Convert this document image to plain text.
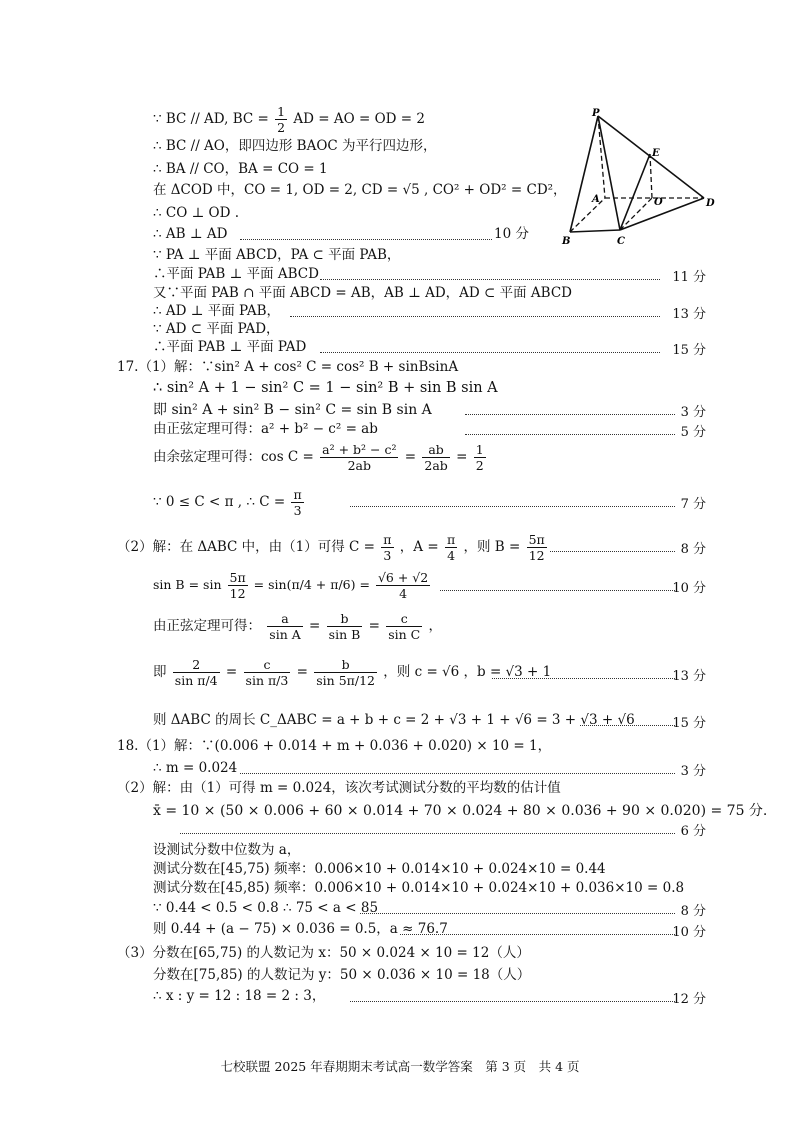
∵ BC // AD, BC = $\frac{1}{2}$ AD = AO = OD = 2
∴ BC // AO，即四边形 BAOC 为平行四边形，
∴ BA // CO，BA = CO = 1
在 ΔCOD 中，CO = 1, OD = 2, CD = √5 , CO² + OD² = CD²，
∴ CO ⊥ OD .
∴ AB ⊥ AD	10 分
∵ PA ⊥ 平面 ABCD，PA ⊂ 平面 PAB，
∴平面 PAB ⊥ 平面 ABCD	11 分
又∵平面 PAB ∩ 平面 ABCD = AB，AB ⊥ AD，AD ⊂ 平面 ABCD
∴ AD ⊥ 平面 PAB，	13 分
∵ AD ⊂ 平面 PAD，
∴平面 PAB ⊥ 平面 PAD	15 分
P
E
A	O	D
B	C
17.（1）解：∵sin² A + cos² C = cos² B + sinBsinA
∴ sin² A + 1 − sin² C = 1 − sin² B + sin B sin A
即 sin² A + sin² B − sin² C = sin B sin A	3 分
由正弦定理可得：a² + b² − c² = ab	5 分
由余弦定理可得：$\cos C = \frac{\text{a² + b² − c²}}{2ab} = \frac{ab}{2ab} = \frac{1}{2}$
∵ 0 ≤ C < π , ∴ $C = \frac{\pi}{3}$	7 分
（2）解：在 ΔABC 中，由（1）可得 $C = \frac{\pi}{3}$ ，$A = \frac{\pi}{4}$ ，则 $B = \frac{5\pi}{12}$	8 分
$\sin B = \sin \frac{5\pi}{12} = \sin(\pi/4 + \pi/6) = \frac{√6 + √2}{4}$	10 分
由正弦定理可得： $\frac{a}{\text{sin A}} = \frac{b}{\text{sin B}} = \frac{c}{\text{sin C}}$ ，
即 $\frac{2}{\text{sin π/4}} = \frac{c}{\text{sin π/3}} = \frac{b}{\sin 5\pi/12}$ ，则 c = √6 ，b = √3 + 1	13 分
则 ΔABC 的周长 C_ΔABC = a + b + c = 2 + √3 + 1 + √6 = 3 + √3 + √6	15 分
18.（1）解：∵(0.006 + 0.014 + m + 0.036 + 0.020) × 10 = 1，
∴ m = 0.024	3 分
（2）解：由（1）可得 m = 0.024，该次考试测试分数的平均数的估计值
x̄ = 10 × (50 × 0.006 + 60 × 0.014 + 70 × 0.024 + 80 × 0.036 + 90 × 0.020) = 75 分.
6 分
设测试分数中位数为 a，
测试分数在[45,75) 频率：0.006×10 + 0.014×10 + 0.024×10 = 0.44
测试分数在[45,85) 频率：0.006×10 + 0.014×10 + 0.024×10 + 0.036×10 = 0.8
∵ 0.44 < 0.5 < 0.8 ∴ 75 < a < 85	8 分
则 0.44 + (a − 75) × 0.036 = 0.5，a ≈ 76.7	10 分
（3）分数在[65,75) 的人数记为 x：50 × 0.024 × 10 = 12（人）
分数在[75,85) 的人数记为 y：50 × 0.036 × 10 = 18（人）
∴ x : y = 12 : 18 = 2 : 3，	12 分
七校联盟 2025 年春期期末考试高一数学答案　第 3 页　共 4 页
